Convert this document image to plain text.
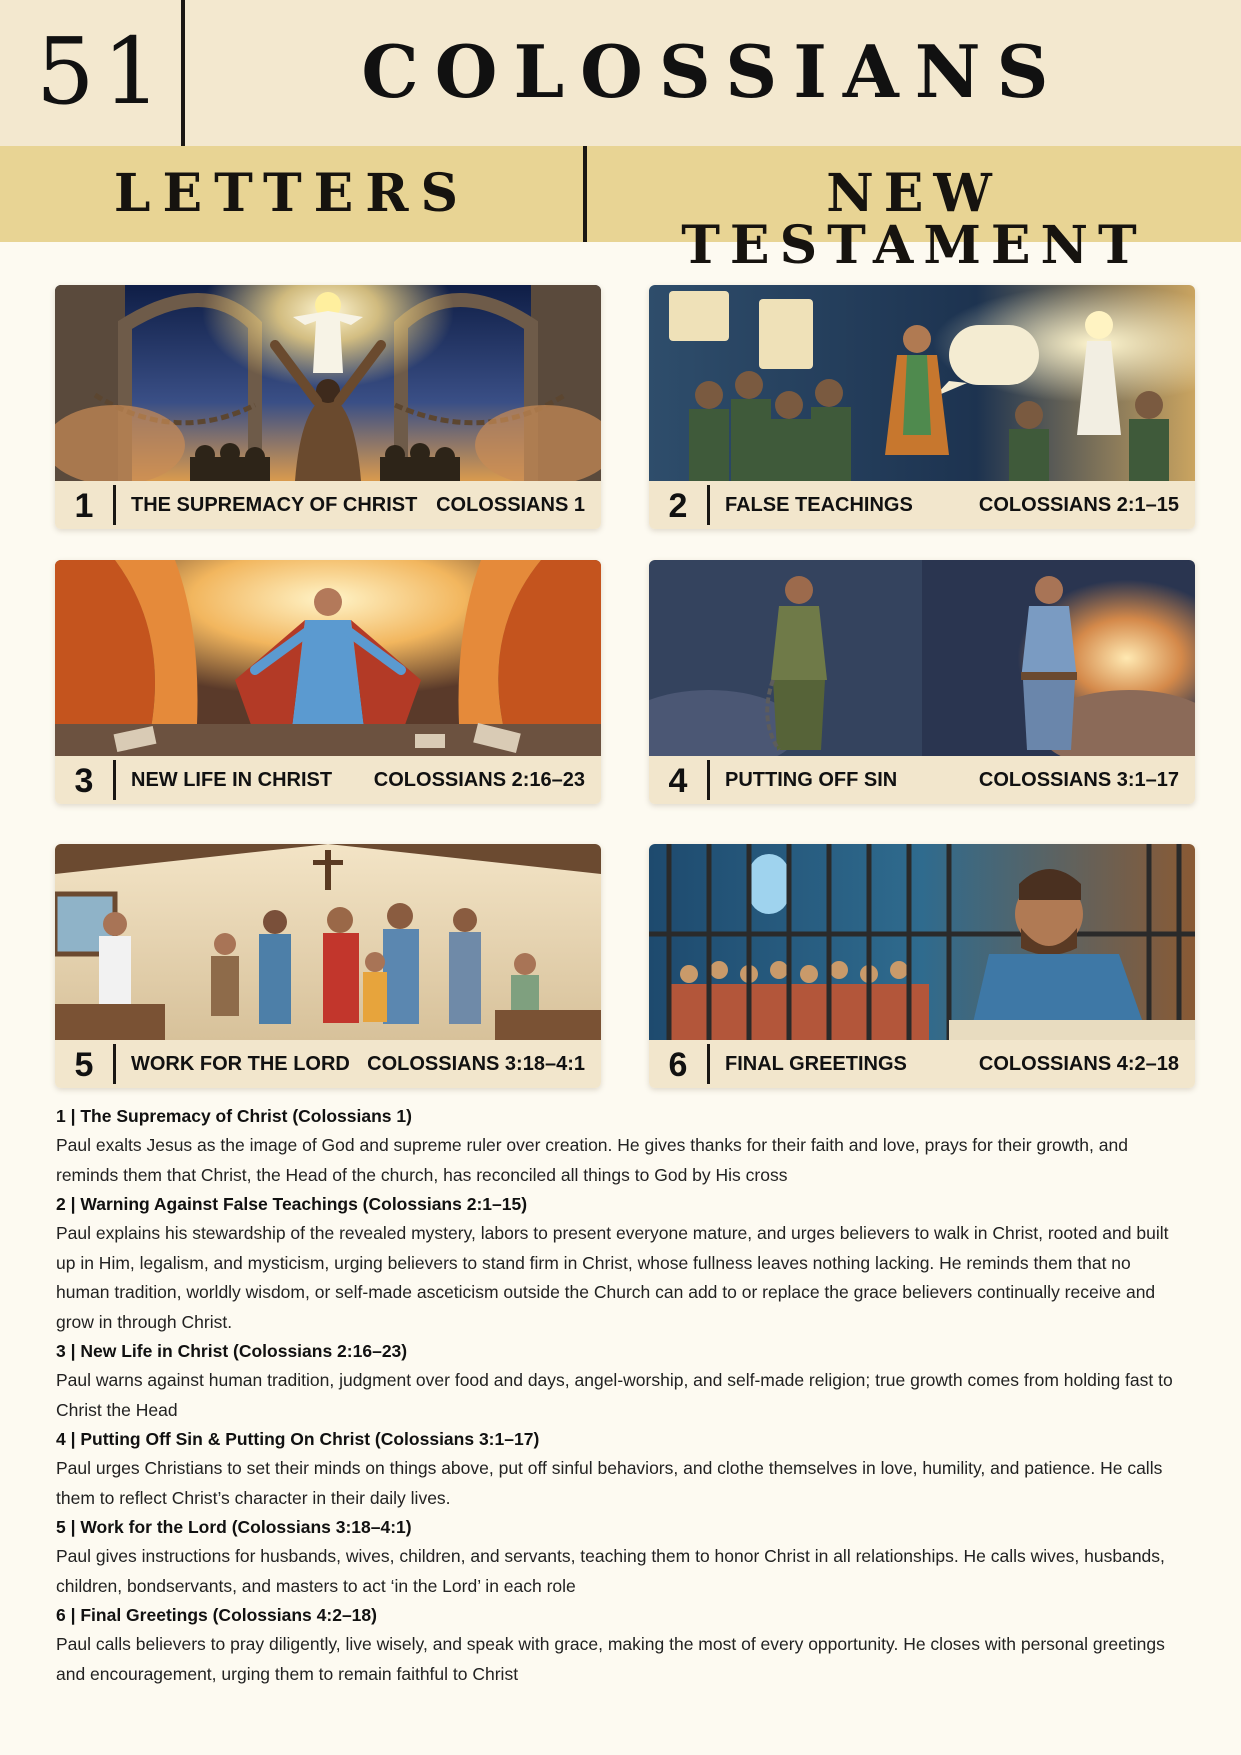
51	COLOSSIANS
LETTERS	NEW TESTAMENT
1	THE SUPREMACY OF CHRIST COLOSSIANS 1	2	FALSE TEACHINGS	COLOSSIANS 2:1–15
3	NEW LIFE IN CHRIST COLOSSIANS 2:16–23	4	PUTTING OFF SIN	COLOSSIANS 3:1–17
5	WORK FOR THE LORD COLOSSIANS 3:18–4:1	6	FINAL GREETINGS	COLOSSIANS 4:2–18
1 | The Supremacy of Christ (Colossians 1)
Paul exalts Jesus as the image of God and supreme ruler over creation. He gives thanks for their faith and love, prays for their growth, and reminds them that Christ, the Head of the church, has reconciled all things to God by His cross
2 | Warning Against False Teachings (Colossians 2:1–15)
Paul explains his stewardship of the revealed mystery, labors to present everyone mature, and urges believers to walk in Christ, rooted and built up in Him, legalism, and mysticism, urging believers to stand firm in Christ, whose fullness leaves nothing lacking. He reminds them that no human tradition, worldly wisdom, or self-made asceticism outside the Church can add to or replace the grace believers continually receive and grow in through Christ.
3 | New Life in Christ (Colossians 2:16–23)
Paul warns against human tradition, judgment over food and days, angel-worship, and self-made religion; true growth comes from holding fast to Christ the Head
4 | Putting Off Sin & Putting On Christ (Colossians 3:1–17)
Paul urges Christians to set their minds on things above, put off sinful behaviors, and clothe themselves in love, humility, and patience. He calls them to reflect Christ’s character in their daily lives.
5 | Work for the Lord (Colossians 3:18–4:1)
Paul gives instructions for husbands, wives, children, and servants, teaching them to honor Christ in all relationships. He calls wives, husbands, children, bondservants, and masters to act ‘in the Lord’ in each role
6 | Final Greetings (Colossians 4:2–18)
Paul calls believers to pray diligently, live wisely, and speak with grace, making the most of every opportunity. He closes with personal greetings and encouragement, urging them to remain faithful to Christ
